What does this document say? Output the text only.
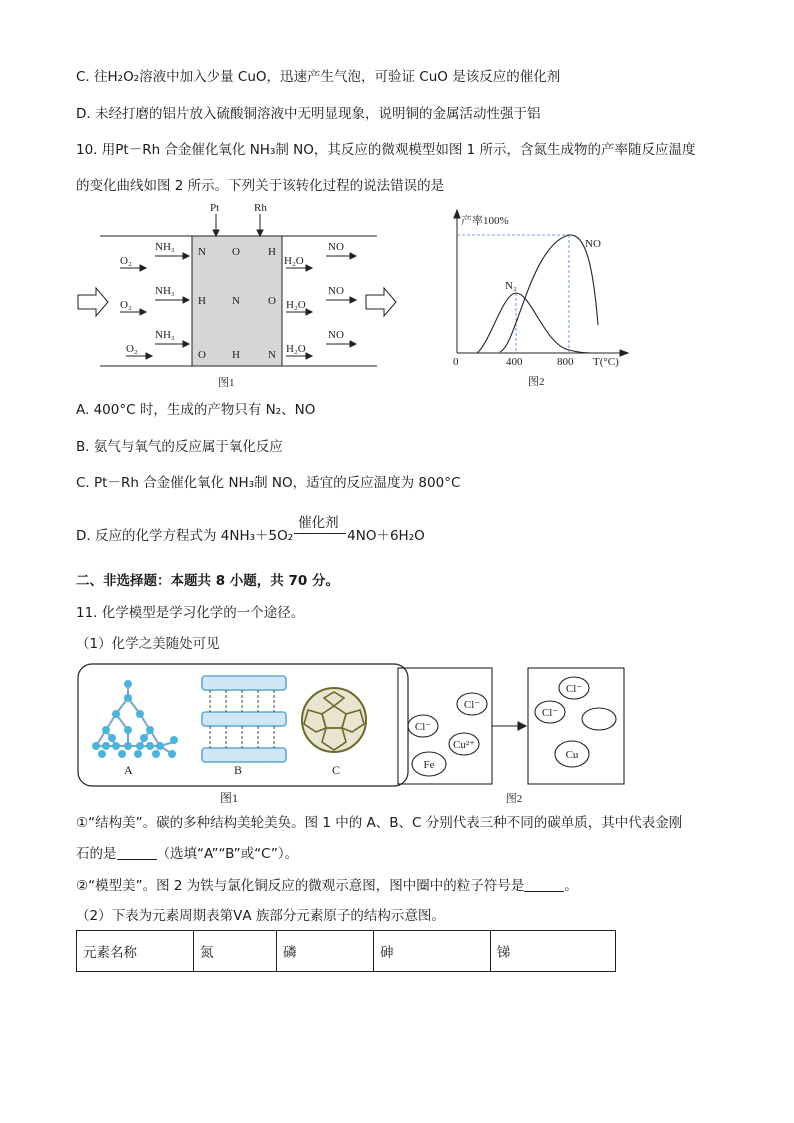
C. 往H₂O₂溶液中加入少量 CuO，迅速产生气泡，可验证 CuO 是该反应的催化剂
D. 未经打磨的铝片放入硫酸铜溶液中无明显现象，说明铜的金属活动性强于铝
10. 用Pt－Rh 合金催化氧化 NH₃制 NO，其反应的微观模型如图 1 所示，含氮生成物的产率随反应温度
的变化曲线如图 2 所示。下列关于该转化过程的说法错误的是
Pt	Rh
O₂
NH₃
O₂
NH₃
O₂
NH₃
H₂O
NO
H₂O
NO
H₂O
NO
N O	H
H N	O
O H	N
图1
产率100%
0	400	800 T(°C)
N₂
NO
图2
A. 400°C 时，生成的产物只有 N₂、NO
B. 氨气与氧气的反应属于氧化反应
C. Pt－Rh 合金催化氧化 NH₃制 NO，适宜的反应温度为 800°C
D. 反应的化学方程式为 4NH₃＋5O₂
催化剂
4NO＋6H₂O
二、非选择题：本题共 8 小题，共 70 分。
11. 化学模型是学习化学的一个途径。
（1）化学之美随处可见
A	B	C
图1
Cl⁻
Cl⁻
Cu²⁺
Fe
Cl⁻
Cl⁻
Cu
图2
①“结构美”。碳的多种结构美轮美奂。图 1 中的 A、B、C 分别代表三种不同的碳单质，其中代表金刚
石的是	（选填“A”“B”或“C”）。
②“模型美”。图 2 为铁与氯化铜反应的微观示意图，图中圈中的粒子符号是	。
（2）下表为元素周期表第ⅤA 族部分元素原子的结构示意图。
元素名称	氮	磷	砷	锑
